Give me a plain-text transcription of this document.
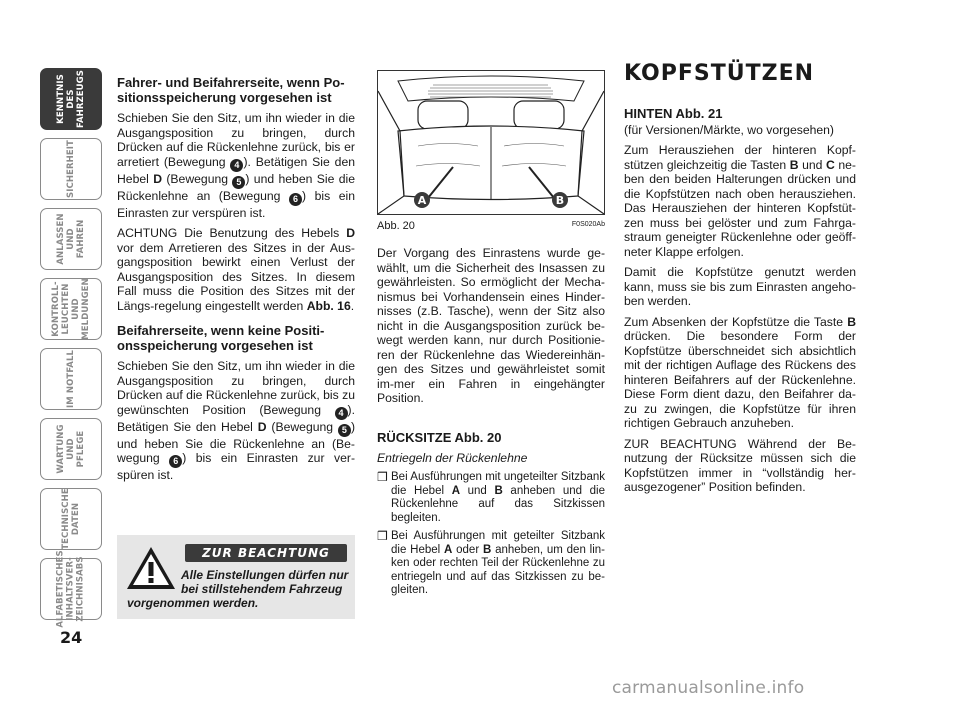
KENNTNIS DES
FAHRZEUGS
SICHERHEIT
ANLASSEN
UND FAHREN
KONTROLL-
LEUCHTEN UND
MELDUNGEN
IM NOTFALL
WARTUNG
UND PFLEGE
TECHNISCHE
DATEN
ALFABETISCHES
INHALTSVER-
ZEICHNISABS
24
Fahrer- und Beifahrerseite, wenn Po-sitionsspeicherung vorgesehen ist

Schieben Sie den Sitz, um ihn wieder in die Ausgangsposition zu bringen, durch Drücken auf die Rückenlehne zurück, bis er arretiert (Bewegung 4 ). Betätigen Sie den Hebel D (Bewegung 5 ) und heben Sie die Rückenlehne an (Bewegung 6 ) bis ein Einrasten zur verspüren ist.

ACHTUNG Die Benutzung des Hebels D vor dem Arretieren des Sitzes in der Aus-gangsposition bewirkt einen Verlust der Ausgangsposition des Sitzes. In diesem Fall muss die Position des Sitzes mit der Längs-regelung eingestellt werden Abb. 16.

Beifahrerseite, wenn keine Positi-onsspeicherung vorgesehen ist

Schieben Sie den Sitz, um ihn wieder in die Ausgangsposition zu bringen, durch Drücken auf die Rückenlehne zurück, bis zu gewünschten Position (Bewegung 4 ). Betätigen Sie den Hebel D (Bewegung 5 ) und heben Sie die Rückenlehne an (Be-wegung 6 ) bis ein Einrasten zur ver-spüren ist.

ZUR BEACHTUNG
Alle Einstellungen dürfen nur bei stillstehendem Fahrzeug
vorgenommen werden.
A	B
Abb. 20	F0S020Ab

Der Vorgang des Einrastens wurde ge-wählt, um die Sicherheit des Insassen zu gewährleisten. So ermöglicht der Mecha-nismus bei Vorhandensein eines Hinder-nisses (z.B. Tasche), wenn der Sitz also nicht in die Ausgangsposition zurück be-wegt werden kann, nur durch Positionie-ren der Rückenlehne das Wiedereinhän-gen des Sitzes und gewährleistet somit im-mer ein Fahren in eingehängter Position.

RÜCKSITZE Abb. 20

Entriegeln der Rückenlehne

❒ Bei Ausführungen mit ungeteilter Sitzbank die Hebel A und B anheben und die Rückenlehne auf das Sitzkissen begleiten.
❒ Bei Ausführungen mit geteilter Sitzbank die Hebel A oder B anheben, um den lin-ken oder rechten Teil der Rückenlehne zu entriegeln und auf das Sitzkissen zu be-gleiten.
KOPFSTÜTZEN
HINTEN Abb. 21

(für Versionen/Märkte, wo vorgesehen)

Zum Herausziehen der hinteren Kopf-stützen gleichzeitig die Tasten B und C ne-ben den beiden Halterungen drücken und die Kopfstützen nach oben herausziehen. Das Herausziehen der hinteren Kopfstüt-zen muss bei gelöster und zum Fahrga-straum geneigter Rückenlehne oder geöff-neter Klappe erfolgen.

Damit die Kopfstütze genutzt werden kann, muss sie bis zum Einrasten angeho-ben werden.

Zum Absenken der Kopfstütze die Taste B drücken. Die besondere Form der Kopfstütze überschneidet sich absichtlich mit der richtigen Auflage des Rückens des hinteren Beifahrers auf der Rückenlehne. Diese Form dient dazu, den Beifahrer da-zu zu zwingen, die Kopfstütze für ihren richtigen Gebrauch anzuheben.

ZUR BEACHTUNG Während der Be-nutzung der Rücksitze müssen sich die Kopfstützen immer in “vollständig her-ausgezogener” Position befinden.

carmanualsonline.info
